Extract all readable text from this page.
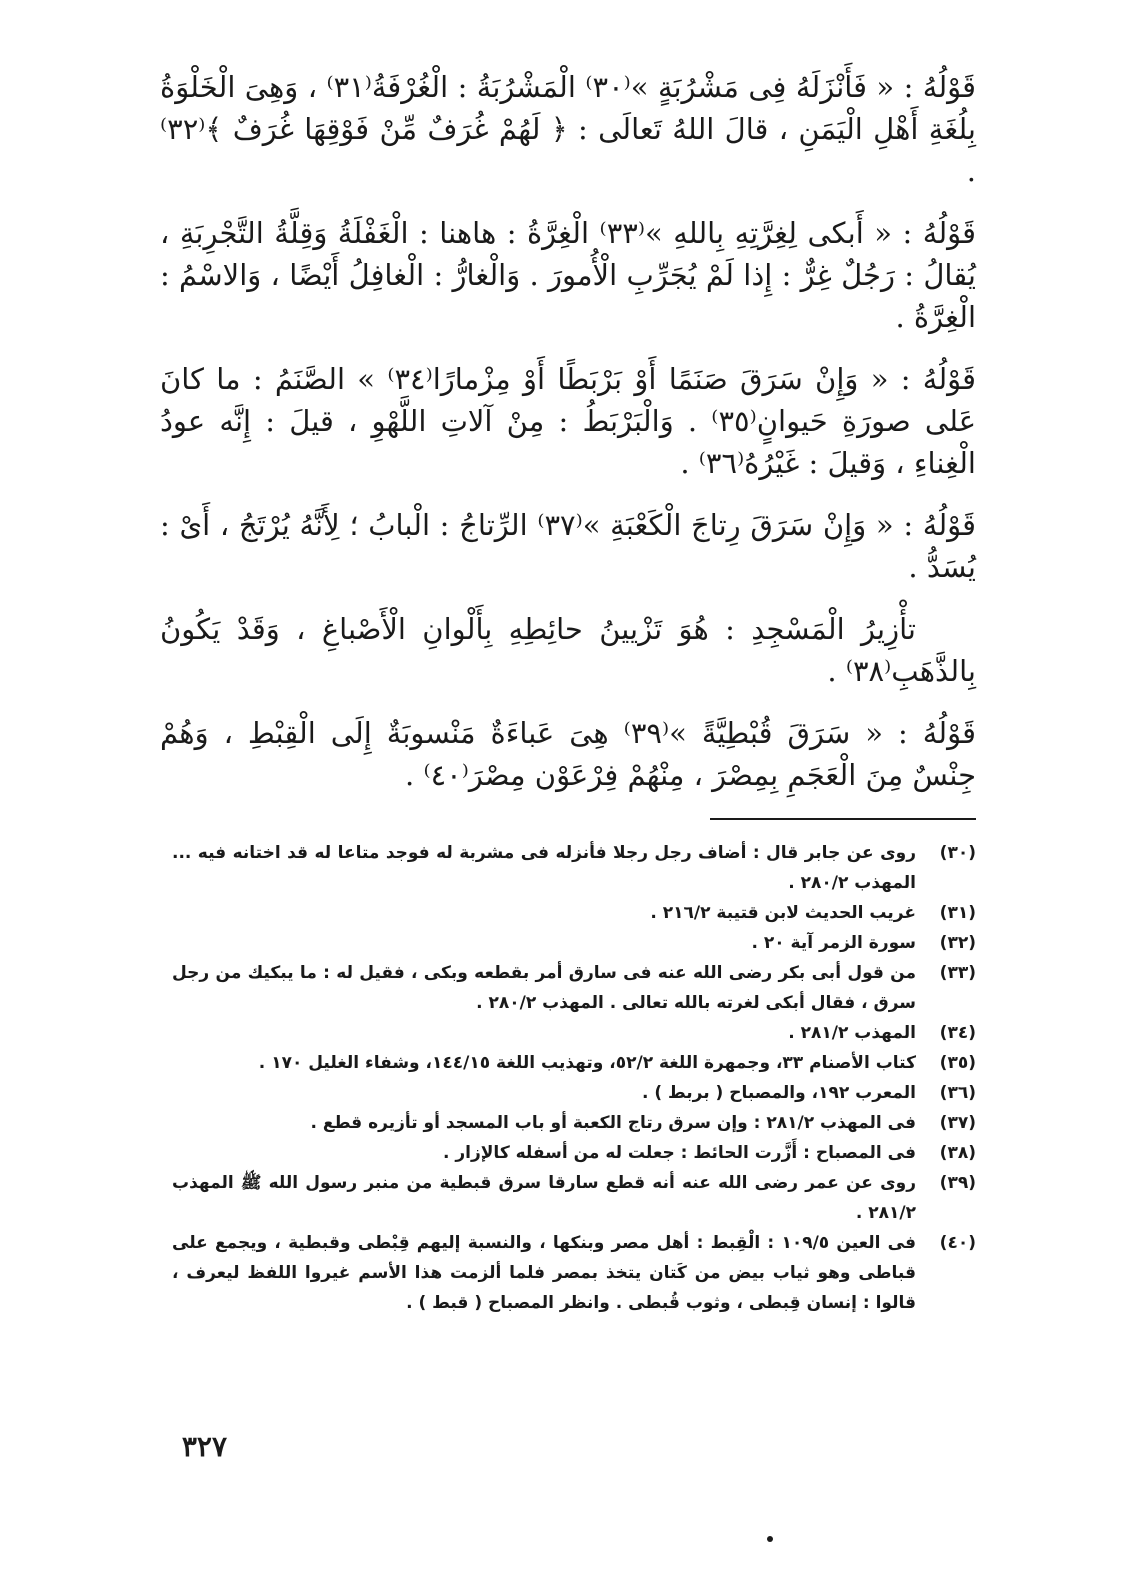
قَوْلُهُ : « فَأَنْزَلَهُ فِى مَشْرُبَةٍ »⁽٣٠⁾ الْمَشْرُبَةُ : الْغُرْفَةُ⁽٣١⁾ ، وَهِىَ الْخَلْوَةُ بِلُغَةِ أَهْلِ الْيَمَنِ ، قالَ اللهُ تَعالَى : ﴿ لَهُمْ غُرَفٌ مِّنْ فَوْقِهَا غُرَفٌ ﴾⁽٣٢⁾ .

قَوْلُهُ : « أَبكى لِغِرَّتِهِ بِاللهِ »⁽٣٣⁾ الْغِرَّةُ : هاهنا : الْغَفْلَةُ وَقِلَّةُ التَّجْرِبَةِ ، يُقالُ : رَجُلٌ غِرٌّ : إِذا لَمْ يُجَرِّبِ الْأُمورَ . وَالْغارُّ : الْغافِلُ أَيْضًا ، وَالاسْمُ : الْغِرَّةُ .

قَوْلُهُ : « وَإِنْ سَرَقَ صَنَمًا أَوْ بَرْبَطًا أَوْ مِزْمارًا⁽٣٤⁾ » الصَّنَمُ : ما كانَ عَلى صورَةِ حَيوانٍ⁽٣٥⁾ . وَالْبَرْبَطُ : مِنْ آلاتِ اللَّهْوِ ، قيلَ : إِنَّه عودُ الْغِناءِ ، وَقيلَ : غَيْرُهُ⁽٣٦⁾ .

قَوْلُهُ : « وَإِنْ سَرَقَ رِتاجَ الْكَعْبَةِ »⁽٣٧⁾ الرِّتاجُ : الْبابُ ؛ لِأَنَّهُ يُرْتَجُ ، أَىْ : يُسَدُّ .

تأْزِيرُ الْمَسْجِدِ : هُوَ تَزْيينُ حائِطِهِ بِأَلْوانِ الْأَصْباغِ ، وَقَدْ يَكُونُ بِالذَّهَبِ⁽٣٨⁾ .

قَوْلُهُ : « سَرَقَ قُبْطِيَّةً »⁽٣٩⁾ هِىَ عَباءَةٌ مَنْسوبَةٌ إِلَى الْقِبْطِ ، وَهُمْ جِنْسٌ مِنَ الْعَجَمِ بِمِصْرَ ، مِنْهُمْ فِرْعَوْن مِصْرَ⁽٤٠⁾ .

(٣٠)
روى عن جابر قال : أضاف رجل رجلا فأنزله فى مشربة له فوجد متاعا له قد اختانه فيه ... المهذب ٢٨٠/٢ .
(٣١)
غريب الحديث لابن قتيبة ٢١٦/٢ .
(٣٢)
سورة الزمر آية ٢٠ .
(٣٣)
من قول أبى بكر رضى الله عنه فى سارق أمر بقطعه وبكى ، فقيل له : ما يبكيك من رجل سرق ، فقال أبكى لغرته بالله تعالى . المهذب ٢٨٠/٢ .
(٣٤)
المهذب ٢٨١/٢ .
(٣٥)
كتاب الأصنام ٣٣، وجمهرة اللغة ٥٢/٢، وتهذيب اللغة ١٤٤/١٥، وشفاء الغليل ١٧٠ .
(٣٦)
المعرب ١٩٢، والمصباح ( بربط ) .
(٣٧)
فى المهذب ٢٨١/٢ : وإن سرق رتاج الكعبة أو باب المسجد أو تأزيره قطع .
(٣٨)
فى المصباح : أَزَّرت الحائط : جعلت له من أسفله كالإزار .
(٣٩)
روى عن عمر رضى الله عنه أنه قطع سارقا سرق قبطية من منبر رسول الله ﷺ المهذب ٢٨١/٢ .
(٤٠)
فى العين ١٠٩/٥ : الْقِبط : أهل مصر وبنكها ، والنسبة إليهم قِبْطى وقبطية ، ويجمع على قباطى وهو ثياب بيض من كَتان يتخذ بمصر فلما ألزمت هذا الأسم غيروا اللفظ ليعرف ، قالوا : إنسان قِبطى ، وثوب قُبطى . وانظر المصباح ( قبط ) .
٣٢٧
